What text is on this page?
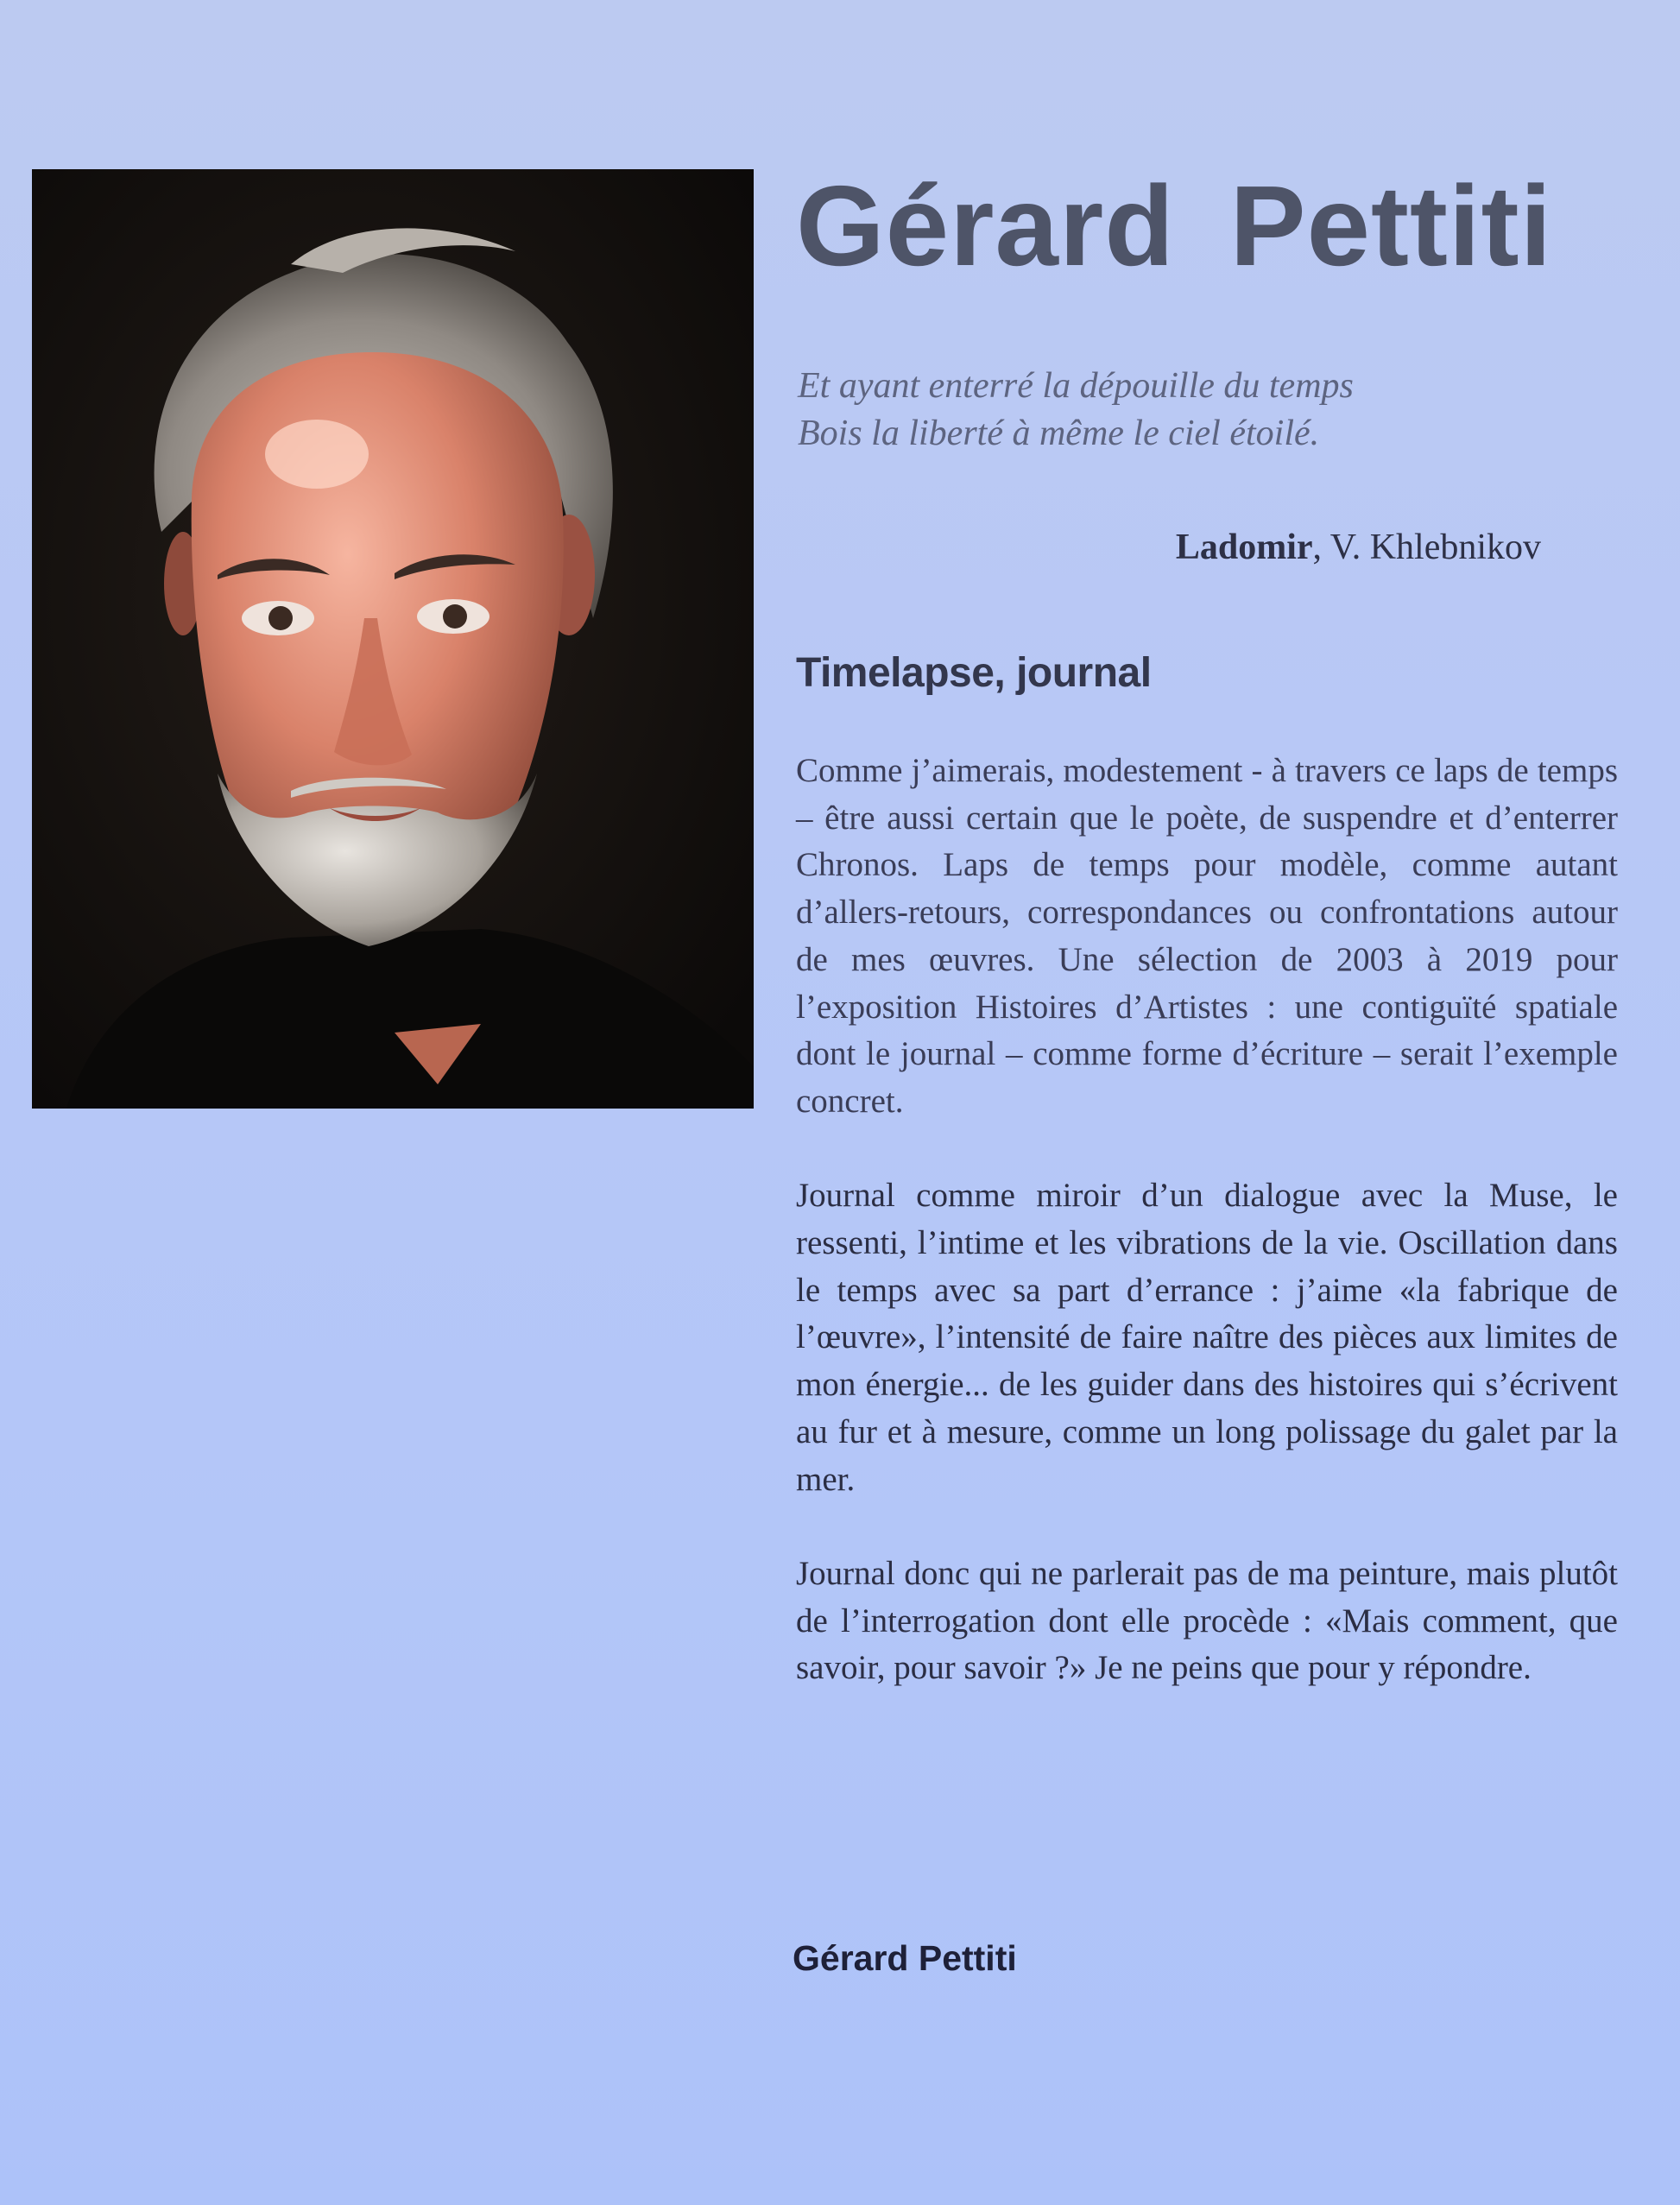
Gérard Pettiti
Et ayant enterré la dépouille du temps
Bois la liberté à même le ciel étoilé.
Ladomir, V. Khlebnikov
Timelapse, journal

Comme j’aimerais, modestement - à travers ce laps de temps – être aussi certain que le poète, de suspendre et d’enterrer Chronos. Laps de temps pour modèle, comme autant d’allers-retours, correspondances ou confrontations autour de mes œuvres. Une sélection de 2003 à 2019 pour l’exposition Histoires d’Artistes : une contiguïté spatiale dont le journal – comme forme d’écriture – serait l’exemple concret.

Journal comme miroir d’un dialogue avec la Muse, le ressenti, l’intime et les vibrations de la vie. Oscillation dans le temps avec sa part d’errance : j’aime «la fabrique de l’œuvre», l’intensité de faire naître des pièces aux limites de mon énergie... de les guider dans des histoires qui s’écrivent au fur et à mesure, comme un long polissage du galet par la mer.

Journal donc qui ne parlerait pas de ma peinture, mais plutôt de l’interrogation dont elle procède : «Mais comment, que savoir, pour savoir ?» Je ne peins que pour y répondre.

Gérard Pettiti
